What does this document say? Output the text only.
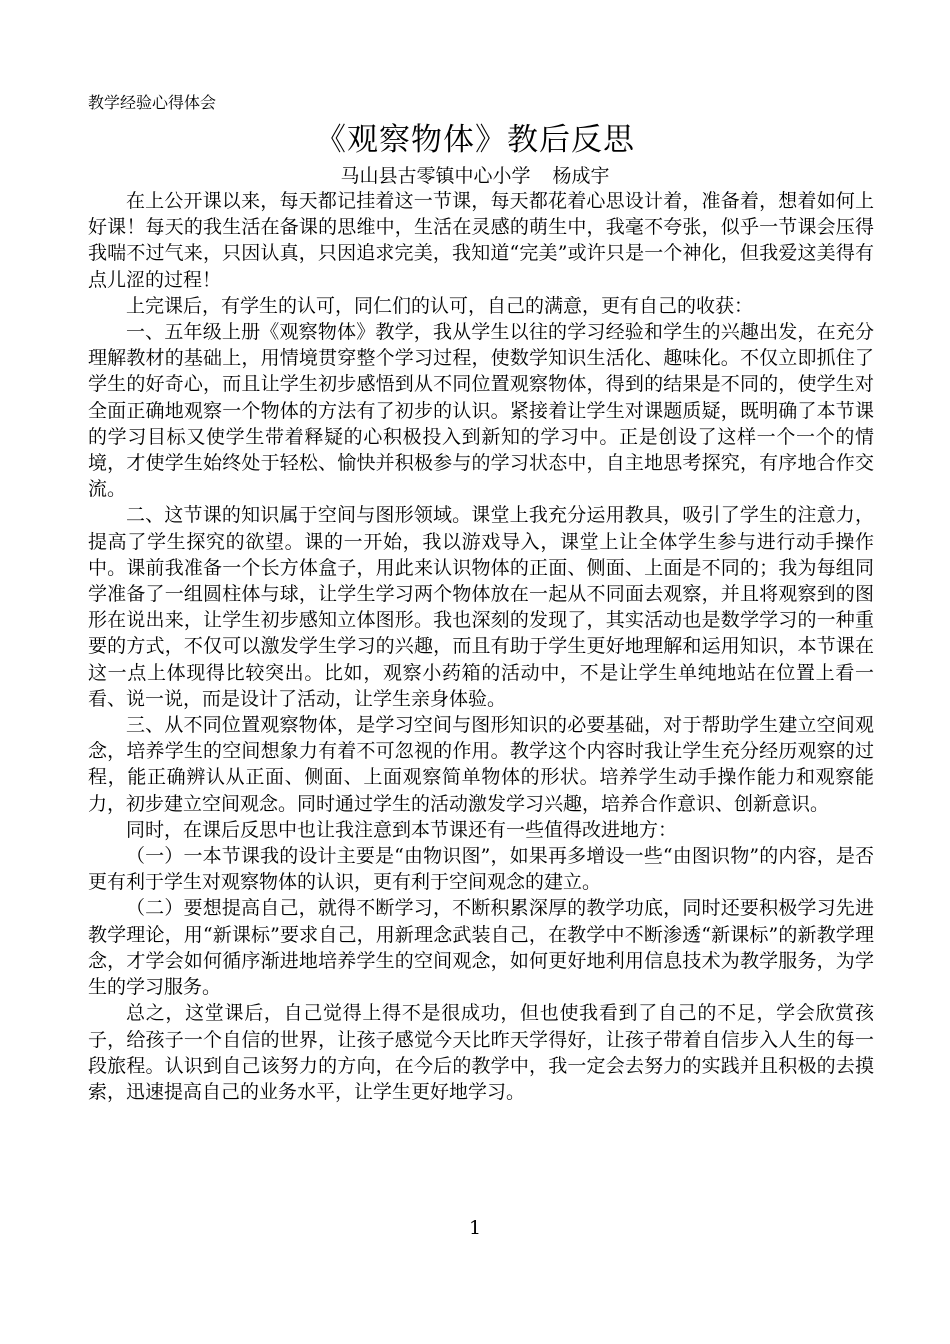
教学经验心得体会
《观察物体》教后反思
马山县古零镇中心小学 杨成宇

在上公开课以来，每天都记挂着这一节课，每天都花着心思设计着，准备着，想着如何上好课！每天的我生活在备课的思维中，生活在灵感的萌生中，我毫不夸张，似乎一节课会压得我喘不过气来，只因认真，只因追求完美，我知道“完美”或许只是一个神化，但我爱这美得有点儿涩的过程！

上完课后，有学生的认可，同仁们的认可，自己的满意，更有自己的收获：

一、五年级上册《观察物体》教学，我从学生以往的学习经验和学生的兴趣出发，在充分理解教材的基础上，用情境贯穿整个学习过程，使数学知识生活化、趣味化。不仅立即抓住了学生的好奇心，而且让学生初步感悟到从不同位置观察物体，得到的结果是不同的，使学生对全面正确地观察一个物体的方法有了初步的认识。紧接着让学生对课题质疑，既明确了本节课的学习目标又使学生带着释疑的心积极投入到新知的学习中。正是创设了这样一个一个的情境，才使学生始终处于轻松、愉快并积极参与的学习状态中，自主地思考探究，有序地合作交流。

二、这节课的知识属于空间与图形领域。课堂上我充分运用教具，吸引了学生的注意力，提高了学生探究的欲望。课的一开始，我以游戏导入，课堂上让全体学生参与进行动手操作中。课前我准备一个长方体盒子，用此来认识物体的正面、侧面、上面是不同的；我为每组同学准备了一组圆柱体与球，让学生学习两个物体放在一起从不同面去观察，并且将观察到的图形在说出来，让学生初步感知立体图形。我也深刻的发现了，其实活动也是数学学习的一种重要的方式，不仅可以激发学生学习的兴趣，而且有助于学生更好地理解和运用知识，本节课在这一点上体现得比较突出。比如，观察小药箱的活动中，不是让学生单纯地站在位置上看一看、说一说，而是设计了活动，让学生亲身体验。

三、从不同位置观察物体，是学习空间与图形知识的必要基础，对于帮助学生建立空间观念，培养学生的空间想象力有着不可忽视的作用。教学这个内容时我让学生充分经历观察的过程，能正确辨认从正面、侧面、上面观察简单物体的形状。培养学生动手操作能力和观察能力，初步建立空间观念。同时通过学生的活动激发学习兴趣，培养合作意识、创新意识。

同时，在课后反思中也让我注意到本节课还有一些值得改进地方：

（一）一本节课我的设计主要是“由物识图”，如果再多增设一些“由图识物”的内容，是否更有利于学生对观察物体的认识，更有利于空间观念的建立。

（二）要想提高自己，就得不断学习，不断积累深厚的教学功底，同时还要积极学习先进教学理论，用“新课标”要求自己，用新理念武装自己，在教学中不断渗透“新课标”的新教学理念，才学会如何循序渐进地培养学生的空间观念，如何更好地利用信息技术为教学服务，为学生的学习服务。

总之，这堂课后，自己觉得上得不是很成功，但也使我看到了自己的不足，学会欣赏孩子，给孩子一个自信的世界，让孩子感觉今天比昨天学得好，让孩子带着自信步入人生的每一段旅程。认识到自己该努力的方向，在今后的教学中，我一定会去努力的实践并且积极的去摸索，迅速提高自己的业务水平，让学生更好地学习。

1
